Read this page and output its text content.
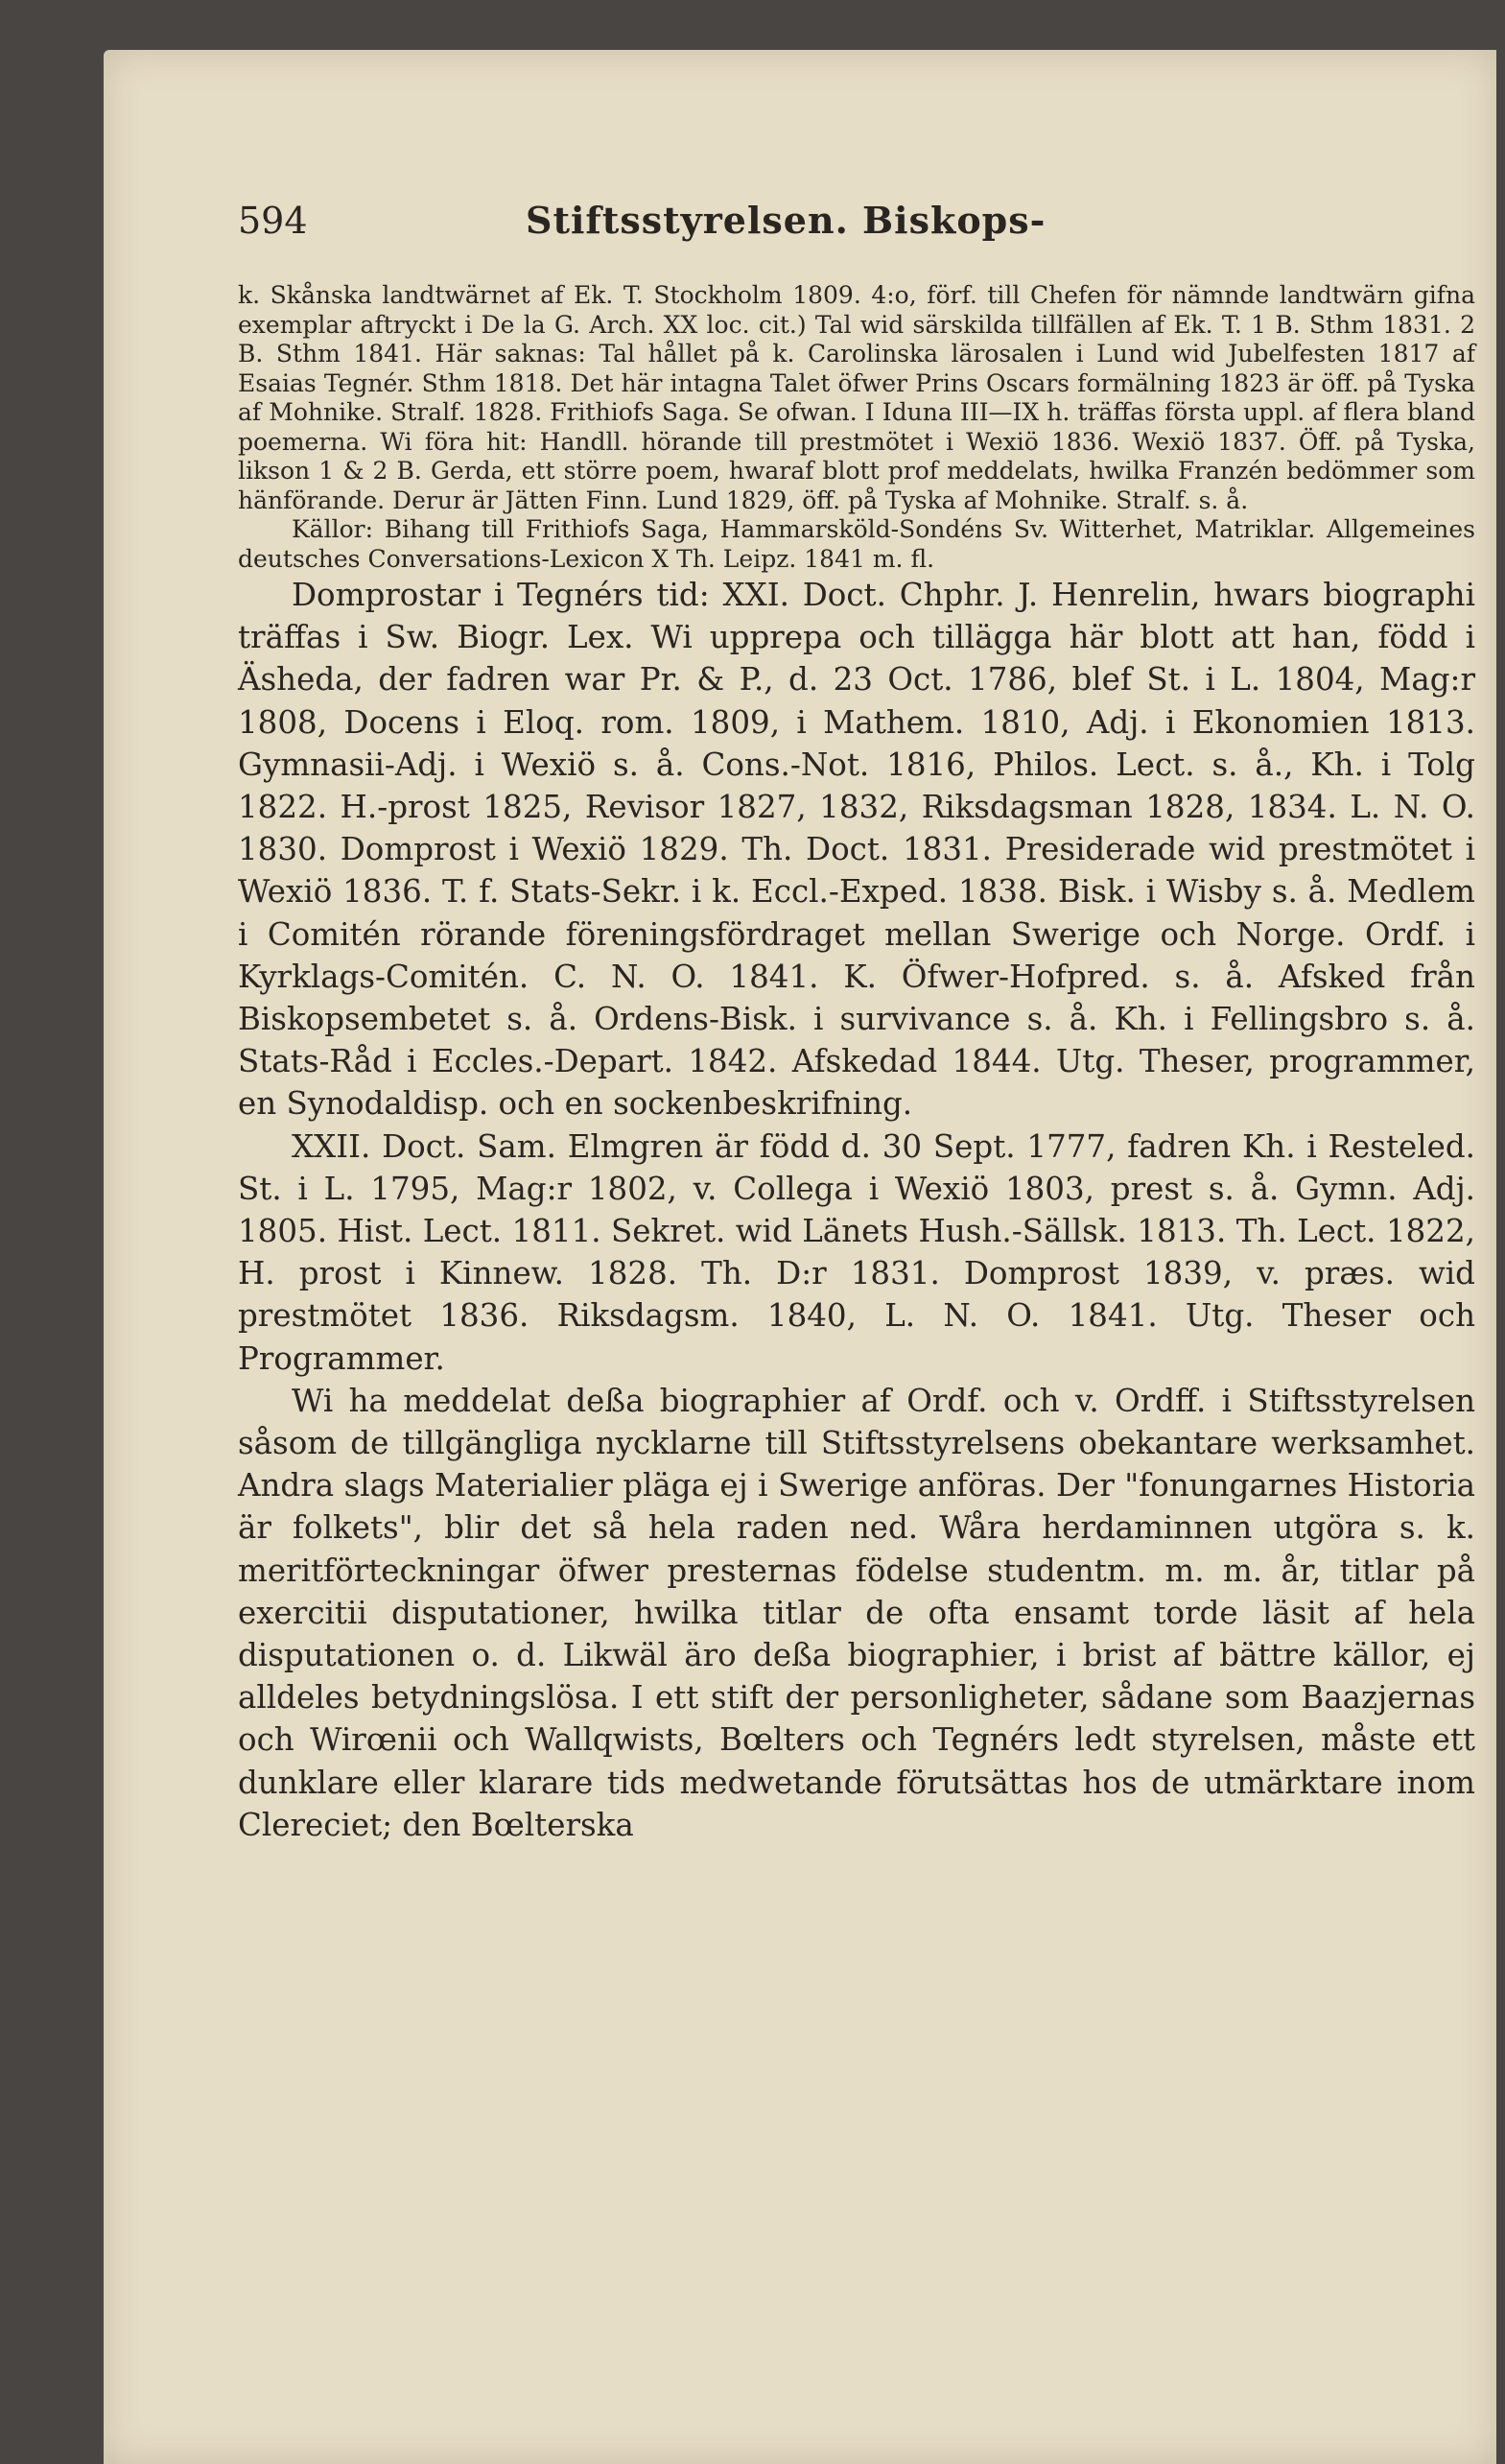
594	Stiftsstyrelsen. Biskops-

k. Skånska landtwärnet af Ek. T. Stockholm 1809. 4:o, förf. till Chefen för nämnde landtwärn gifna exemplar aftryckt i De la G. Arch. XX loc. cit.) Tal wid särskilda tillfällen af Ek. T. 1 B. Sthm 1831. 2 B. Sthm 1841. Här saknas: Tal hållet på k. Carolinska lärosalen i Lund wid Jubelfesten 1817 af Esaias Tegnér. Sthm 1818. Det här intagna Talet öfwer Prins Oscars formälning 1823 är öff. på Tyska af Mohnike. Stralf. 1828. Frithiofs Saga. Se ofwan. I Iduna III—IX h. träffas första uppl. af flera bland poemerna. Wi föra hit: Handll. hörande till prestmötet i Wexiö 1836. Wexiö 1837. Öff. på Tyska, likson 1 & 2 B. Gerda, ett större poem, hwaraf blott prof meddelats, hwilka Franzén bedömmer som hänförande. Derur är Jätten Finn. Lund 1829, öff. på Tyska af Mohnike. Stralf. s. å.

Källor: Bihang till Frithiofs Saga, Hammarsköld-Sondéns Sv. Witterhet, Matriklar. Allgemeines deutsches Conversations-Lexicon X Th. Leipz. 1841 m. fl.

Domprostar i Tegnérs tid: XXI. Doct. Chphr. J. Henrelin, hwars biographi träffas i Sw. Biogr. Lex. Wi upprepa och tillägga här blott att han, född i Äsheda, der fadren war Pr. & P., d. 23 Oct. 1786, blef St. i L. 1804, Mag:r 1808, Docens i Eloq. rom. 1809, i Mathem. 1810, Adj. i Ekonomien 1813. Gymnasii-Adj. i Wexiö s. å. Cons.-Not. 1816, Philos. Lect. s. å., Kh. i Tolg 1822. H.-prost 1825, Revisor 1827, 1832, Riksdagsman 1828, 1834. L. N. O. 1830. Domprost i Wexiö 1829. Th. Doct. 1831. Presiderade wid prestmötet i Wexiö 1836. T. f. Stats-Sekr. i k. Eccl.-Exped. 1838. Bisk. i Wisby s. å. Medlem i Comitén rörande föreningsfördraget mellan Swerige och Norge. Ordf. i Kyrklags-Comitén. C. N. O. 1841. K. Öfwer-Hofpred. s. å. Afsked från Biskopsembetet s. å. Ordens-Bisk. i survivance s. å. Kh. i Fellingsbro s. å. Stats-Råd i Eccles.-Depart. 1842. Afskedad 1844. Utg. Theser, programmer, en Synodaldisp. och en sockenbeskrifning.

XXII. Doct. Sam. Elmgren är född d. 30 Sept. 1777, fadren Kh. i Resteled. St. i L. 1795, Mag:r 1802, v. Collega i Wexiö 1803, prest s. å. Gymn. Adj. 1805. Hist. Lect. 1811. Sekret. wid Länets Hush.-Sällsk. 1813. Th. Lect. 1822, H. prost i Kinnew. 1828. Th. D:r 1831. Domprost 1839, v. præs. wid prestmötet 1836. Riksdagsm. 1840, L. N. O. 1841. Utg. Theser och Programmer.

Wi ha meddelat deßa biographier af Ordf. och v. Ordff. i Stiftsstyrelsen såsom de tillgängliga nycklarne till Stiftsstyrelsens obekantare werksamhet. Andra slags Materialier pläga ej i Swerige anföras. Der "fonungarnes Historia är folkets", blir det så hela raden ned. Wåra herdaminnen utgöra s. k. meritförteckningar öfwer presternas födelse studentm. m. m. år, titlar på exercitii disputationer, hwilka titlar de ofta ensamt torde läsit af hela disputationen o. d. Likwäl äro deßa biographier, i brist af bättre källor, ej alldeles betydningslösa. I ett stift der personligheter, sådane som Baazjernas och Wirœnii och Wallqwists, Bœlters och Tegnérs ledt styrelsen, måste ett dunklare eller klarare tids medwetande förutsättas hos de utmärktare inom Clereciet; den Bœlterska
